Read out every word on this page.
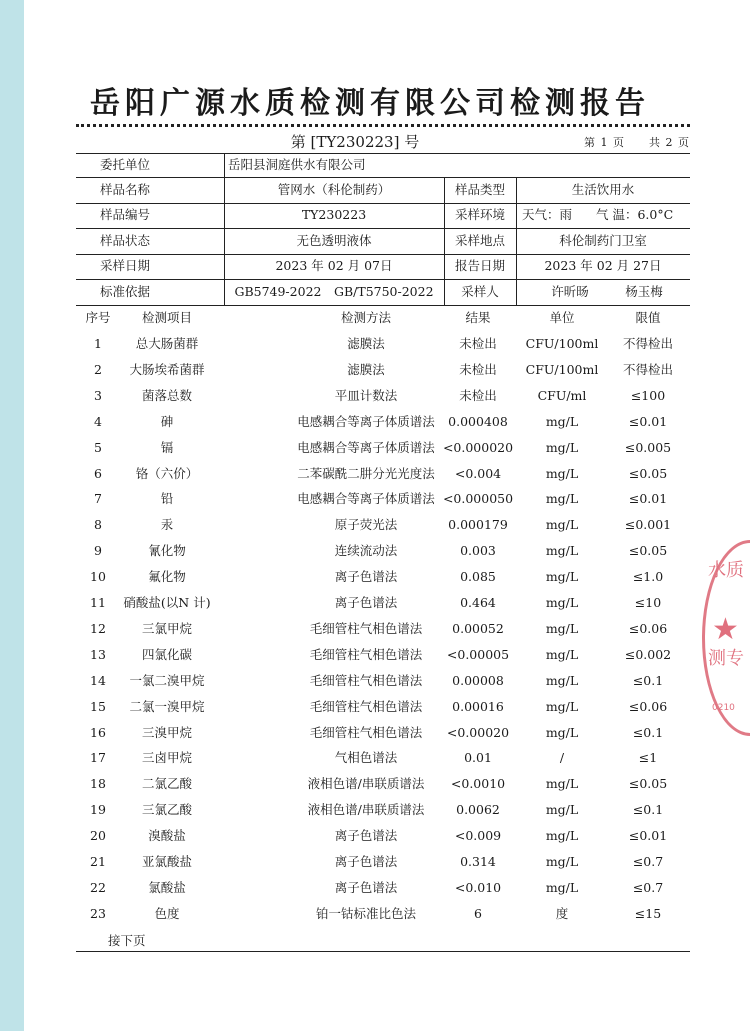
岳阳广源水质检测有限公司检测报告
第 [TY230223] 号	第 1 页　　共 2 页
委托单位	岳阳县洞庭供水有限公司
样品名称	管网水（科伦制药）	样品类型	生活饮用水
样品编号	TY230223	采样环境	天气：雨	气 温：6.0°C
样品状态	无色透明液体	采样地点	科伦制药门卫室
采样日期	2023 年 02 月 07日	报告日期	2023 年 02 月 27日
标准依据	GB5749-2022　GB/T5750-2022	采样人	许昕旸	杨玉梅
序号	检测项目	检测方法	结果	单位	限值
1	总大肠菌群	滤膜法	未检出	CFU/100ml	不得检出
2	大肠埃希菌群	滤膜法	未检出	CFU/100ml	不得检出
3	菌落总数	平皿计数法	未检出	CFU/ml	≤100
4	砷	电感耦合等离子体质谱法	0.000408	mg/L	≤0.01
5	镉	电感耦合等离子体质谱法 <0.000020	mg/L	≤0.005
6	铬（六价）	二苯碳酰二肼分光光度法	<0.004	mg/L	≤0.05
7	铅	电感耦合等离子体质谱法 <0.000050	mg/L	≤0.01
8	汞	原子荧光法	0.000179	mg/L	≤0.001
9	氰化物	连续流动法	0.003	mg/L	≤0.05
10	氟化物	离子色谱法	0.085	mg/L	≤1.0
11	硝酸盐(以N 计)	离子色谱法	0.464	mg/L	≤10
12	三氯甲烷	毛细管柱气相色谱法	0.00052	mg/L	≤0.06
13	四氯化碳	毛细管柱气相色谱法	<0.00005	mg/L	≤0.002
14	一氯二溴甲烷	毛细管柱气相色谱法	0.00008	mg/L	≤0.1
15	二氯一溴甲烷	毛细管柱气相色谱法	0.00016	mg/L	≤0.06
16	三溴甲烷	毛细管柱气相色谱法	<0.00020	mg/L	≤0.1
17	三卤甲烷	气相色谱法	0.01	/	≤1
18	二氯乙酸	液相色谱/串联质谱法	<0.0010	mg/L	≤0.05
19	三氯乙酸	液相色谱/串联质谱法	0.0062	mg/L	≤0.1
20	溴酸盐	离子色谱法	<0.009	mg/L	≤0.01
21	亚氯酸盐	离子色谱法	0.314	mg/L	≤0.7
22	氯酸盐	离子色谱法	<0.010	mg/L	≤0.7
23	色度	铂一钴标准比色法	6	度	≤15
接下页
水质
★
测专
0210
